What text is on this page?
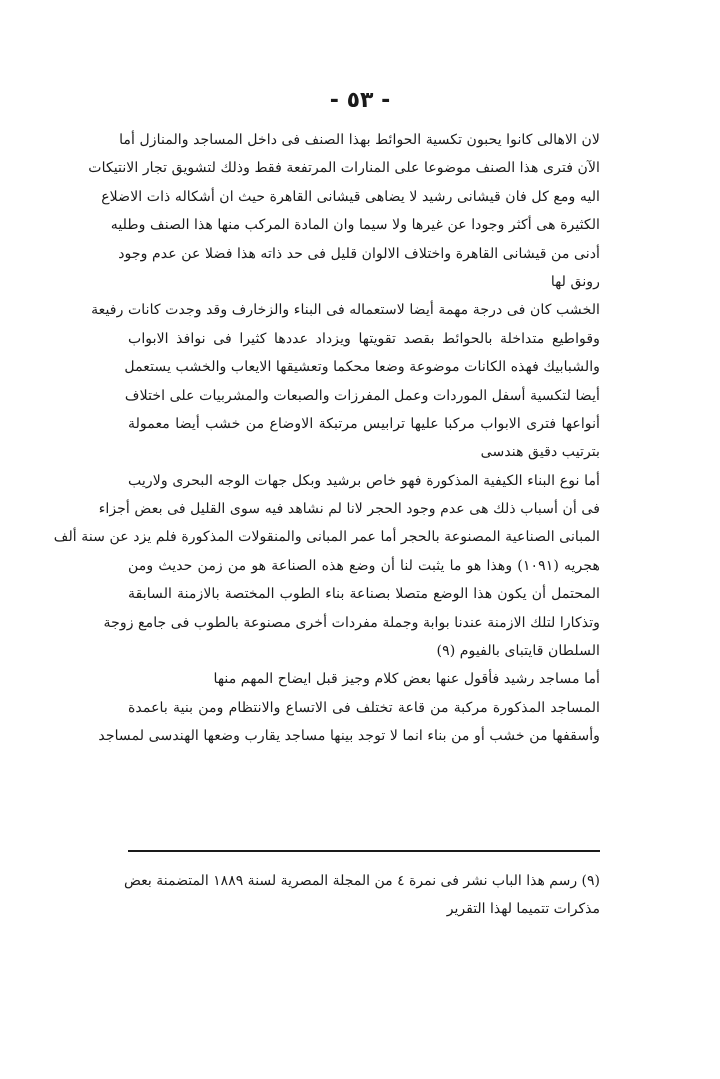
- ٥٣ -
لان الاهالى كانوا يحبون تكسية الحوائط بهذا الصنف فى داخل المساجد والمنازل أما
الآن فترى هذا الصنف موضوعا على المنارات المرتفعة فقط وذلك لتشويق تجار الانتيكات
اليه ومع كل فان قيشانى رشيد لا يضاهى قيشانى القاهرة حيث ان أشكاله ذات الاضلاع
الكثيرة هى أكثر وجودا عن غيرها ولا سيما وان المادة المركب منها هذا الصنف وطليه
أدنى من قيشانى القاهرة واختلاف الالوان قليل فى حد ذاته هذا فضلا عن عدم وجود
رونق لها
الخشب كان فى درجة مهمة أيضا لاستعماله فى البناء والزخارف وقد وجدت كانات رفيعة
وقواطيع متداخلة بالحوائط بقصد تقويتها ويزداد عددها كثيرا فى نوافذ الابواب
والشبابيك فهذه الكانات موضوعة وضعا محكما وتعشيقها الايعاب والخشب يستعمل
أيضا لتكسية أسفل الموردات وعمل المفرزات والصبعات والمشربيات على اختلاف
أنواعها فترى الابواب مركبا عليها ترابيس مرتبكة الاوضاع من خشب أيضا معمولة
بترتيب دقيق هندسى
أما نوع البناء الكيفية المذكورة فهو خاص برشيد وبكل جهات الوجه البحرى ولاريب
فى أن أسباب ذلك هى عدم وجود الحجر لانا لم نشاهد فيه سوى القليل فى بعض أجزاء
المبانى الصناعية المصنوعة بالحجر أما عمر المبانى والمنقولات المذكورة فلم يزد عن سنة ألف
هجريه (١٠٩١) وهذا هو ما يثبت لنا أن وضع هذه الصناعة هو من زمن حديث ومن
المحتمل أن يكون هذا الوضع متصلا بصناعة بناء الطوب المختصة بالازمنة السابقة
وتذكارا لتلك الازمنة عندنا بوابة وجملة مفردات أخرى مصنوعة بالطوب فى جامع زوجة
السلطان قايتباى بالفيوم (٩)
أما مساجد رشيد فأقول عنها بعض كلام وجيز قبل ايضاح المهم منها
المساجد المذكورة مركبة من قاعة تختلف فى الاتساع والانتظام ومن بنية باعمدة
وأسقفها من خشب أو من بناء انما لا توجد بينها مساجد يقارب وضعها الهندسى لمساجد
(٩) رسم هذا الباب نشر فى نمرة ٤ من المجلة المصرية لسنة ١٨٨٩ المتضمنة بعض
مذكرات تتميما لهذا التقرير
